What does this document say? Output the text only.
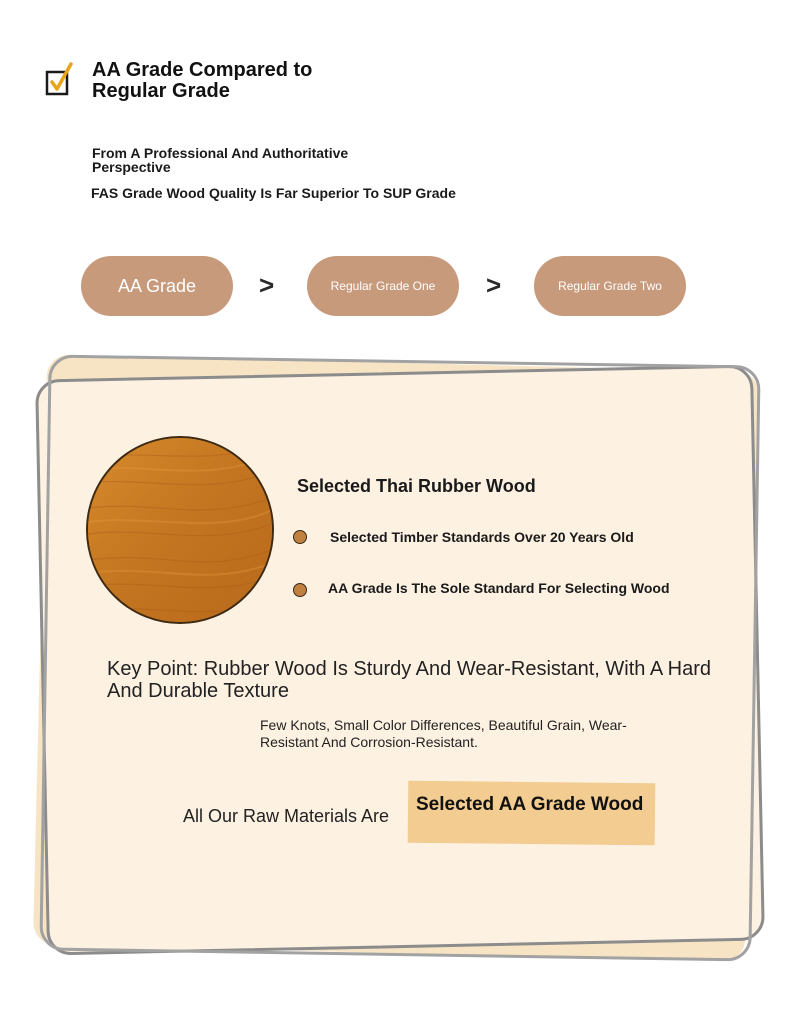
AA Grade Compared to Regular Grade
From A Professional And Authoritative Perspective
FAS Grade Wood Quality Is Far Superior To SUP Grade
AA Grade	>	Regular Grade One	>	Regular Grade Two
Selected Thai Rubber Wood
Selected Timber Standards Over 20 Years Old
AA Grade Is The Sole Standard For Selecting Wood
Key Point: Rubber Wood Is Sturdy And Wear-Resistant, With A Hard And Durable Texture
Few Knots, Small Color Differences, Beautiful Grain, Wear-Resistant And Corrosion-Resistant.
All Our Raw Materials Are
Selected AA Grade Wood
